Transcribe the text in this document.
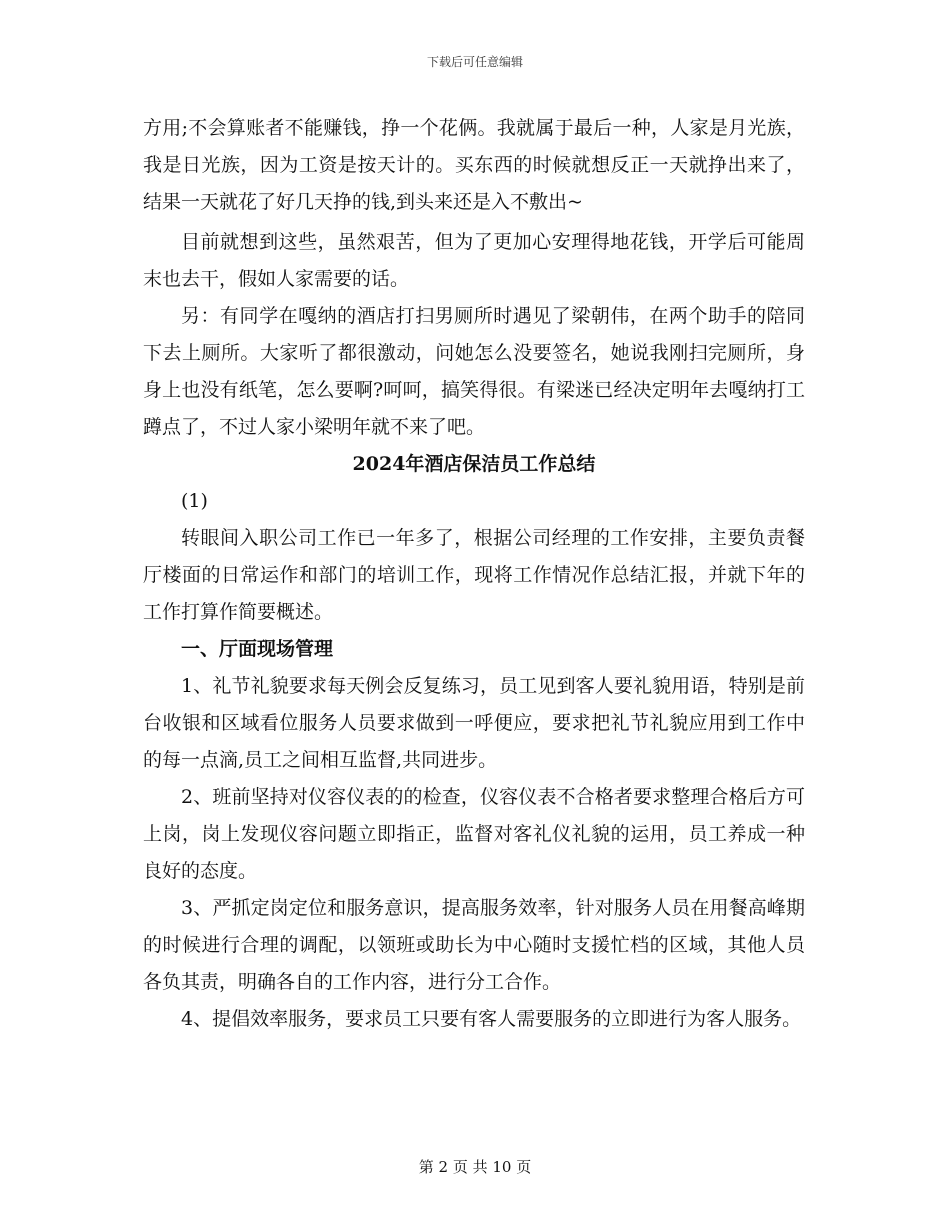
下载后可任意编辑

方用;不会算账者不能赚钱，挣一个花俩。我就属于最后一种，人家是月光族，我是日光族，因为工资是按天计的。买东西的时候就想反正一天就挣出来了，结果一天就花了好几天挣的钱,到头来还是入不敷出~

目前就想到这些，虽然艰苦，但为了更加心安理得地花钱，开学后可能周末也去干，假如人家需要的话。

另：有同学在嘎纳的酒店打扫男厕所时遇见了梁朝伟，在两个助手的陪同下去上厕所。大家听了都很激动，问她怎么没要签名，她说我刚扫完厕所，身身上也没有纸笔，怎么要啊?呵呵，搞笑得很。有梁迷已经决定明年去嘎纳打工蹲点了，不过人家小梁明年就不来了吧。

2024年酒店保洁员工作总结

(1)

转眼间入职公司工作已一年多了，根据公司经理的工作安排，主要负责餐厅楼面的日常运作和部门的培训工作，现将工作情况作总结汇报，并就下年的工作打算作简要概述。

一、厅面现场管理

1、礼节礼貌要求每天例会反复练习，员工见到客人要礼貌用语，特别是前台收银和区域看位服务人员要求做到一呼便应，要求把礼节礼貌应用到工作中的每一点滴,员工之间相互监督,共同进步。

2、班前坚持对仪容仪表的的检查，仪容仪表不合格者要求整理合格后方可上岗，岗上发现仪容问题立即指正，监督对客礼仪礼貌的运用，员工养成一种良好的态度。

3、严抓定岗定位和服务意识，提高服务效率，针对服务人员在用餐高峰期的时候进行合理的调配，以领班或助长为中心随时支援忙档的区域，其他人员各负其责，明确各自的工作内容，进行分工合作。

4、提倡效率服务，要求员工只要有客人需要服务的立即进行为客人服务。

第 2 页 共 10 页
